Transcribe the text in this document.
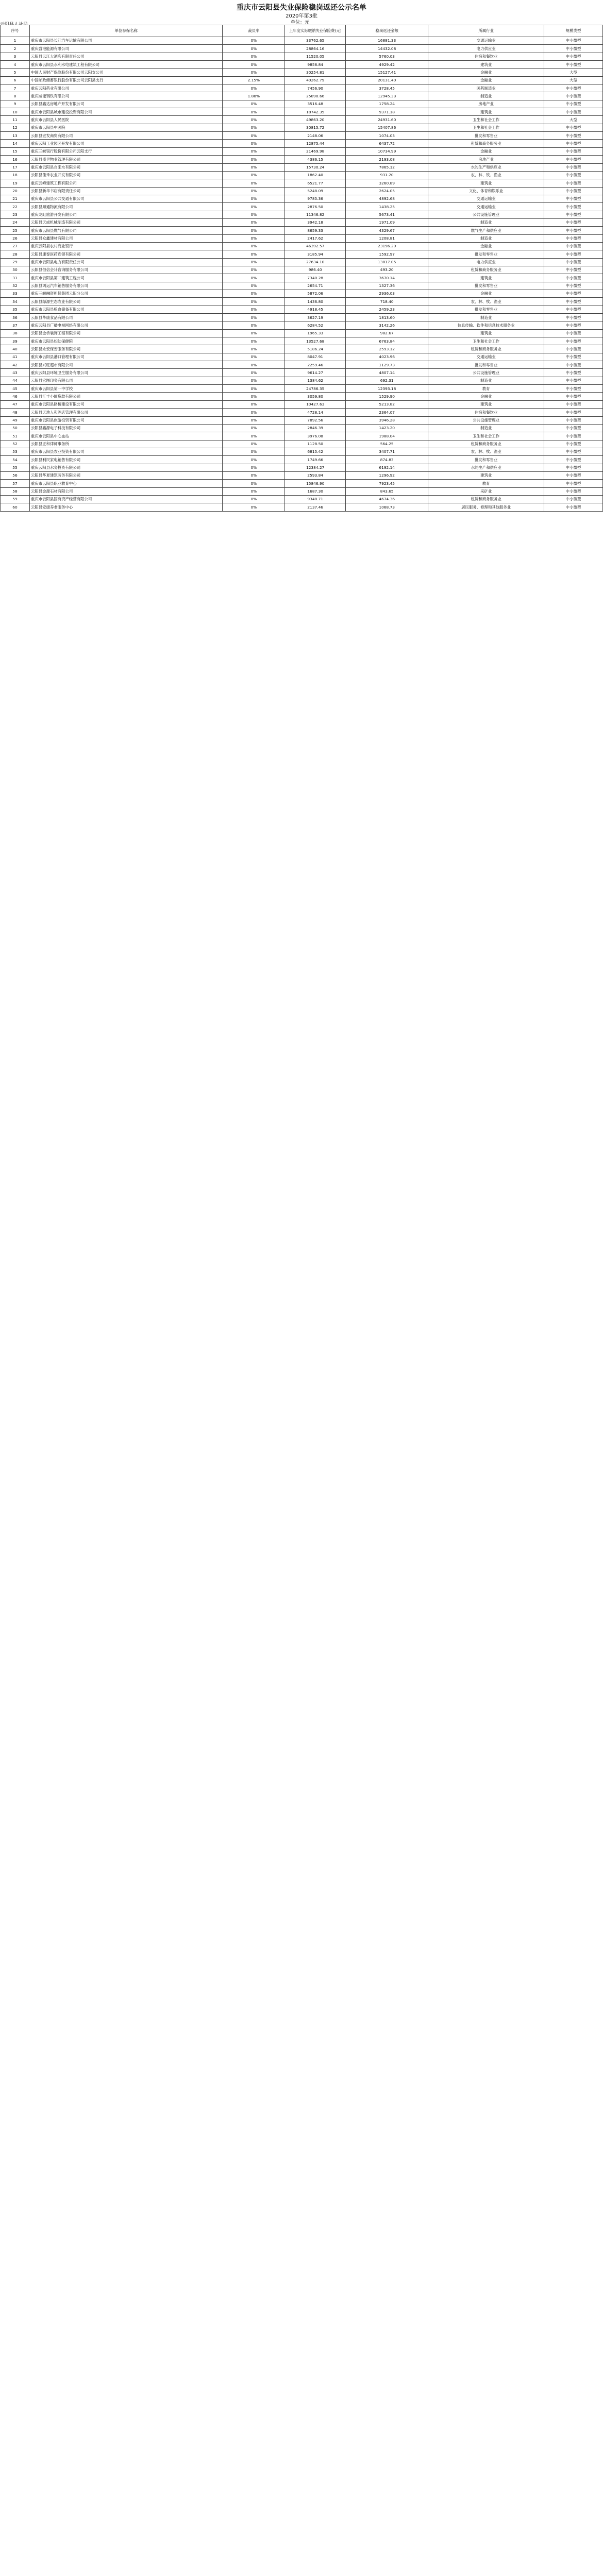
重庆市云阳县失业保险稳岗返还公示名单
2020年第3批
单位：元
序号	单位参保名称	裁员率	上年度实际缴纳失业保险费(元)	稳岗返还金额	所属行业	规模类型
1	重庆市云阳县长江汽车运输有限公司	0%	33762.65	16881.33	交通运输业	中小微型
2	重庆盛港能源有限公司	0%	28864.16	14432.08	电力供应业	中小微型
3	云阳县云江大酒店有限责任公司	0%	11520.05	5760.03	住宿和餐饮业	中小微型
4	重庆市云阳县水利水电建筑工程有限公司	0%	9858.84	4929.42	建筑业	中小微型
5	中国人民财产保险股份有限公司云阳支公司	0%	30254.81	15127.41	金融业	大型
6	中国邮政储蓄银行股份有限公司云阳县支行	2.15%	40262.79	20131.40	金融业	大型
7	重庆云阳药业有限公司	0%	7456.90	3728.45	医药制造业	中小微型
8	重庆威能钢铁有限公司	1.88%	25890.66	12945.33	制造业	中小微型
9	云阳县鑫达房地产开发有限公司	0%	3516.48	1758.24	房地产业	中小微型
10	重庆市云阳县城市建设投资有限公司	0%	18742.35	9371.18	建筑业	中小微型
11	重庆市云阳县人民医院	0%	49863.20	24931.60	卫生和社会工作	大型
12	重庆市云阳县中医院	0%	30815.72	15407.86	卫生和社会工作	中小微型
13	云阳县宏发商贸有限公司	0%	2148.06	1074.03	批发和零售业	中小微型
14	重庆云阳工业园区开发有限公司	0%	12875.44	6437.72	租赁和商务服务业	中小微型
15	重庆三峡银行股份有限公司云阳支行	0%	21469.98	10734.99	金融业	中小微型
16	云阳县盛世物业管理有限公司	0%	4386.15	2193.08	房地产业	中小微型
17	重庆市云阳县自来水有限公司	0%	15730.24	7865.12	水的生产和供应业	中小微型
18	云阳县佳禾农业开发有限公司	0%	1862.40	931.20	农、林、牧、渔业	中小微型
19	重庆云峰建筑工程有限公司	0%	6521.77	3260.89	建筑业	中小微型
20	云阳县新华书店有限责任公司	0%	5248.09	2624.05	文化、体育和娱乐业	中小微型
21	重庆市云阳县公共交通有限公司	0%	9785.36	4892.68	交通运输业	中小微型
22	云阳县顺通物流有限公司	0%	2876.50	1438.25	交通运输业	中小微型
23	重庆龙缸旅游开发有限公司	0%	11346.82	5673.41	公共设施管理业	中小微型
24	云阳县天成机械制造有限公司	0%	3942.18	1971.09	制造业	中小微型
25	重庆市云阳县燃气有限公司	0%	8659.33	4329.67	燃气生产和供应业	中小微型
26	云阳县众鑫建材有限公司	0%	2417.62	1208.81	制造业	中小微型
27	重庆云阳县农村商业银行	0%	46392.57	23196.29	金融业	中小微型
28	云阳县康泰医药连锁有限公司	0%	3185.94	1592.97	批发和零售业	中小微型
29	重庆市云阳县电力有限责任公司	0%	27634.10	13817.05	电力供应业	中小微型
30	云阳县恒信会计咨询服务有限公司	0%	986.40	493.20	租赁和商务服务业	中小微型
31	重庆市云阳县第二建筑工程公司	0%	7340.28	3670.14	建筑业	中小微型
32	云阳县鸿运汽车销售服务有限公司	0%	2654.71	1327.36	批发和零售业	中小微型
33	重庆三峡融资担保集团云阳分公司	0%	5872.06	2936.03	金融业	中小微型
34	云阳县绿源生态农业有限公司	0%	1436.80	718.40	农、林、牧、渔业	中小微型
35	重庆市云阳县粮食储备有限公司	0%	4918.45	2459.23	批发和零售业	中小微型
36	云阳县华康食品有限公司	0%	3627.19	1813.60	制造业	中小微型
37	重庆云阳县广播电视网络有限公司	0%	6284.52	3142.26	信息传输、软件和信息技术服务业	中小微型
38	云阳县金桥装饰工程有限公司	0%	1965.33	982.67	建筑业	中小微型
39	重庆市云阳县妇幼保健院	0%	13527.68	6763.84	卫生和社会工作	中小微型
40	云阳县永安保安服务有限公司	0%	5186.24	2593.12	租赁和商务服务业	中小微型
41	重庆市云阳县港口管理有限公司	0%	8047.91	4023.96	交通运输业	中小微型
42	云阳县兴旺超市有限公司	0%	2259.46	1129.73	批发和零售业	中小微型
43	重庆云阳县环境卫生服务有限公司	0%	9614.27	4807.14	公共设施管理业	中小微型
44	云阳县宏图印务有限公司	0%	1384.62	692.31	制造业	中小微型
45	重庆市云阳县第一中学校	0%	24786.35	12393.18	教育	中小微型
46	云阳县汇丰小额贷款有限公司	0%	3059.80	1529.90	金融业	中小微型
47	重庆市云阳县路桥建设有限公司	0%	10427.63	5213.82	建筑业	中小微型
48	云阳县天地人和酒店管理有限公司	0%	4728.14	2364.07	住宿和餐饮业	中小微型
49	重庆市云阳县旅游投资有限公司	0%	7892.56	3946.28	公共设施管理业	中小微型
50	云阳县鑫源电子科技有限公司	0%	2846.39	1423.20	制造业	中小微型
51	重庆市云阳县中心血站	0%	3976.08	1988.04	卫生和社会工作	中小微型
52	云阳县正和律师事务所	0%	1128.50	564.25	租赁和商务服务业	中小微型
53	重庆市云阳县农业投资有限公司	0%	6815.42	3407.71	农、林、牧、渔业	中小微型
54	云阳县利民家电销售有限公司	0%	1749.66	874.83	批发和零售业	中小微型
55	重庆云阳县水务投资有限公司	0%	12384.27	6192.14	水的生产和供应业	中小微型
56	云阳县华夏建筑劳务有限公司	0%	2593.84	1296.92	建筑业	中小微型
57	重庆市云阳县职业教育中心	0%	15846.90	7923.45	教育	中小微型
58	云阳县金源石材有限公司	0%	1687.30	843.65	采矿业	中小微型
59	重庆市云阳县国有资产经营有限公司	0%	9348.71	4674.36	租赁和商务服务业	中小微型
60	云阳县安康养老服务中心	0%	2137.46	1068.73	居民服务、修理和其他服务业	中小微型
